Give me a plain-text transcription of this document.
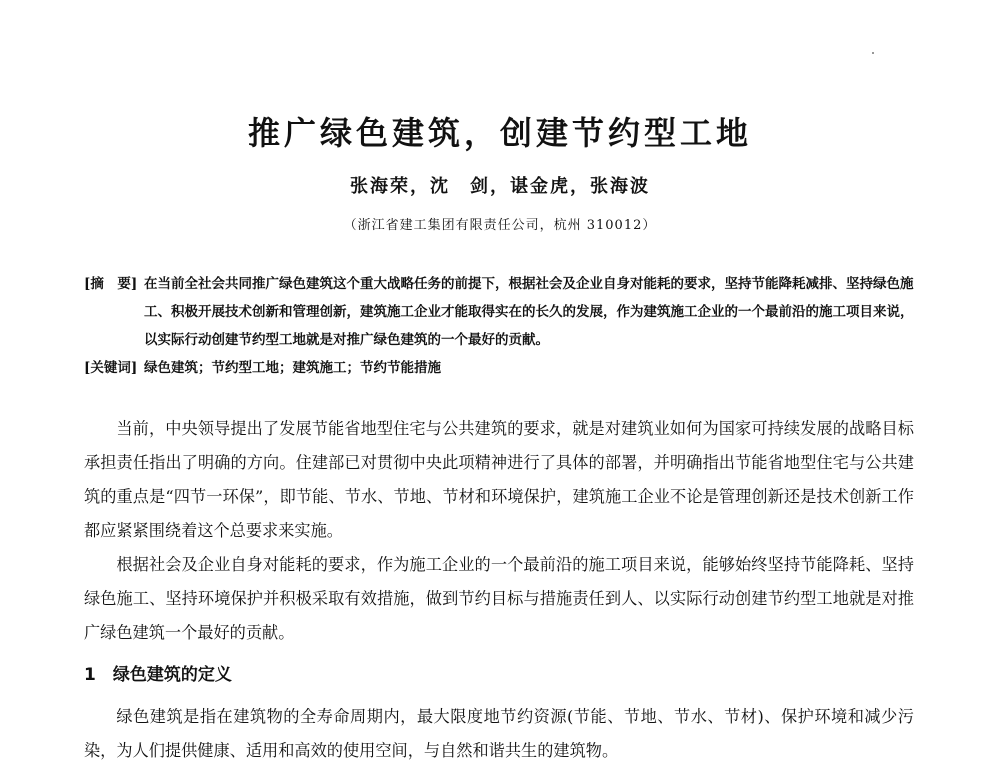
推广绿色建筑，创建节约型工地
张海荣，沈　剑，谌金虎，张海波
（浙江省建工集团有限责任公司，杭州 310012）
[摘　要] 在当前全社会共同推广绿色建筑这个重大战略任务的前提下，根据社会及企业自身对能耗的要求，坚持节能降耗减排、坚持绿色施工、积极开展技术创新和管理创新，建筑施工企业才能取得实在的长久的发展，作为建筑施工企业的一个最前沿的施工项目来说，以实际行动创建节约型工地就是对推广绿色建筑的一个最好的贡献。
[关键词] 绿色建筑；节约型工地；建筑施工；节约节能措施

当前，中央领导提出了发展节能省地型住宅与公共建筑的要求，就是对建筑业如何为国家可持续发展的战略目标承担责任指出了明确的方向。住建部已对贯彻中央此项精神进行了具体的部署，并明确指出节能省地型住宅与公共建筑的重点是“四节一环保”，即节能、节水、节地、节材和环境保护，建筑施工企业不论是管理创新还是技术创新工作都应紧紧围绕着这个总要求来实施。

根据社会及企业自身对能耗的要求，作为施工企业的一个最前沿的施工项目来说，能够始终坚持节能降耗、坚持绿色施工、坚持环境保护并积极采取有效措施，做到节约目标与措施责任到人、以实际行动创建节约型工地就是对推广绿色建筑一个最好的贡献。

1　绿色建筑的定义

绿色建筑是指在建筑物的全寿命周期内，最大限度地节约资源(节能、节地、节水、节材)、保护环境和减少污染，为人们提供健康、适用和高效的使用空间，与自然和谐共生的建筑物。
